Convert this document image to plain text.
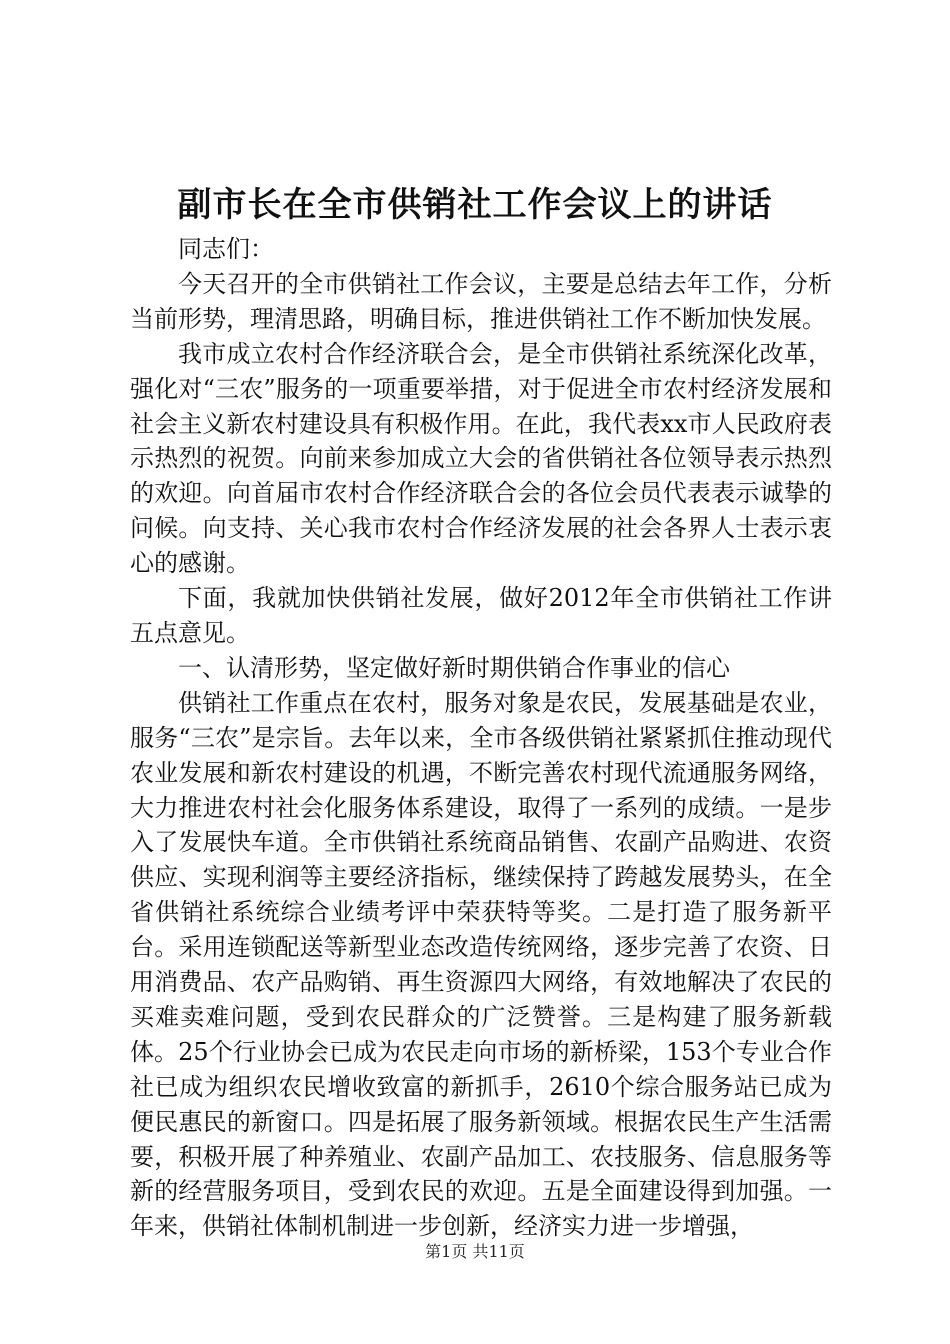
副市长在全市供销社工作会议上的讲话

同志们：

今天召开的全市供销社工作会议，主要是总结去年工作，分析当前形势，理清思路，明确目标，推进供销社工作不断加快发展。

我市成立农村合作经济联合会，是全市供销社系统深化改革，强化对“三农”服务的一项重要举措，对于促进全市农村经济发展和社会主义新农村建设具有积极作用。在此，我代表xx市人民政府表示热烈的祝贺。向前来参加成立大会的省供销社各位领导表示热烈的欢迎。向首届市农村合作经济联合会的各位会员代表表示诚挚的问候。向支持、关心我市农村合作经济发展的社会各界人士表示衷心的感谢。

下面，我就加快供销社发展，做好2012年全市供销社工作讲五点意见。

一、认清形势，坚定做好新时期供销合作事业的信心

供销社工作重点在农村，服务对象是农民，发展基础是农业，服务“三农”是宗旨。去年以来，全市各级供销社紧紧抓住推动现代农业发展和新农村建设的机遇，不断完善农村现代流通服务网络，大力推进农村社会化服务体系建设，取得了一系列的成绩。一是步入了发展快车道。全市供销社系统商品销售、农副产品购进、农资供应、实现利润等主要经济指标，继续保持了跨越发展势头，在全省供销社系统综合业绩考评中荣获特等奖。二是打造了服务新平台。采用连锁配送等新型业态改造传统网络，逐步完善了农资、日用消费品、农产品购销、再生资源四大网络，有效地解决了农民的买难卖难问题，受到农民群众的广泛赞誉。三是构建了服务新载体。25个行业协会已成为农民走向市场的新桥梁，153个专业合作社已成为组织农民增收致富的新抓手，2610个综合服务站已成为便民惠民的新窗口。四是拓展了服务新领域。根据农民生产生活需要，积极开展了种养殖业、农副产品加工、农技服务、信息服务等新的经营服务项目，受到农民的欢迎。五是全面建设得到加强。一年来，供销社体制机制进一步创新，经济实力进一步增强，

第1页 共11页
